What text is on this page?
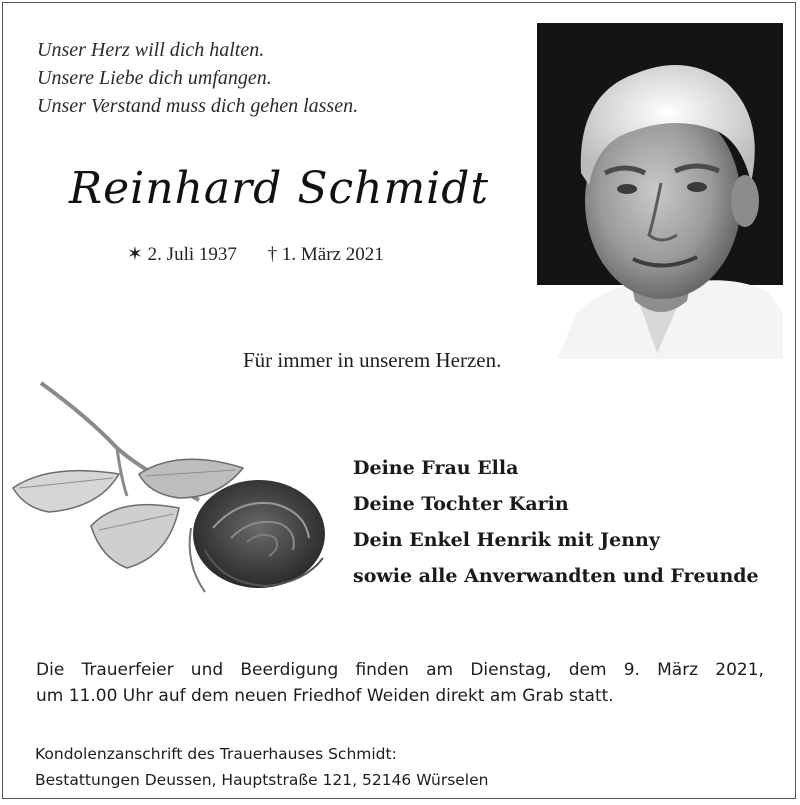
Unser Herz will dich halten.
Unsere Liebe dich umfangen.
Unser Verstand muss dich gehen lassen.
Reinhard Schmidt
✶ 2. Juli 1937 † 1. März 2021
Für immer in unserem Herzen.
Deine Frau Ella
Deine Tochter Karin
Dein Enkel Henrik mit Jenny
sowie alle Anverwandten und Freunde
Die Trauerfeier und Beerdigung finden am Dienstag, dem 9. März 2021,
um 11.00 Uhr auf dem neuen Friedhof Weiden direkt am Grab statt.
Kondolenzanschrift des Trauerhauses Schmidt:
Bestattungen Deussen, Hauptstraße 121, 52146 Würselen
